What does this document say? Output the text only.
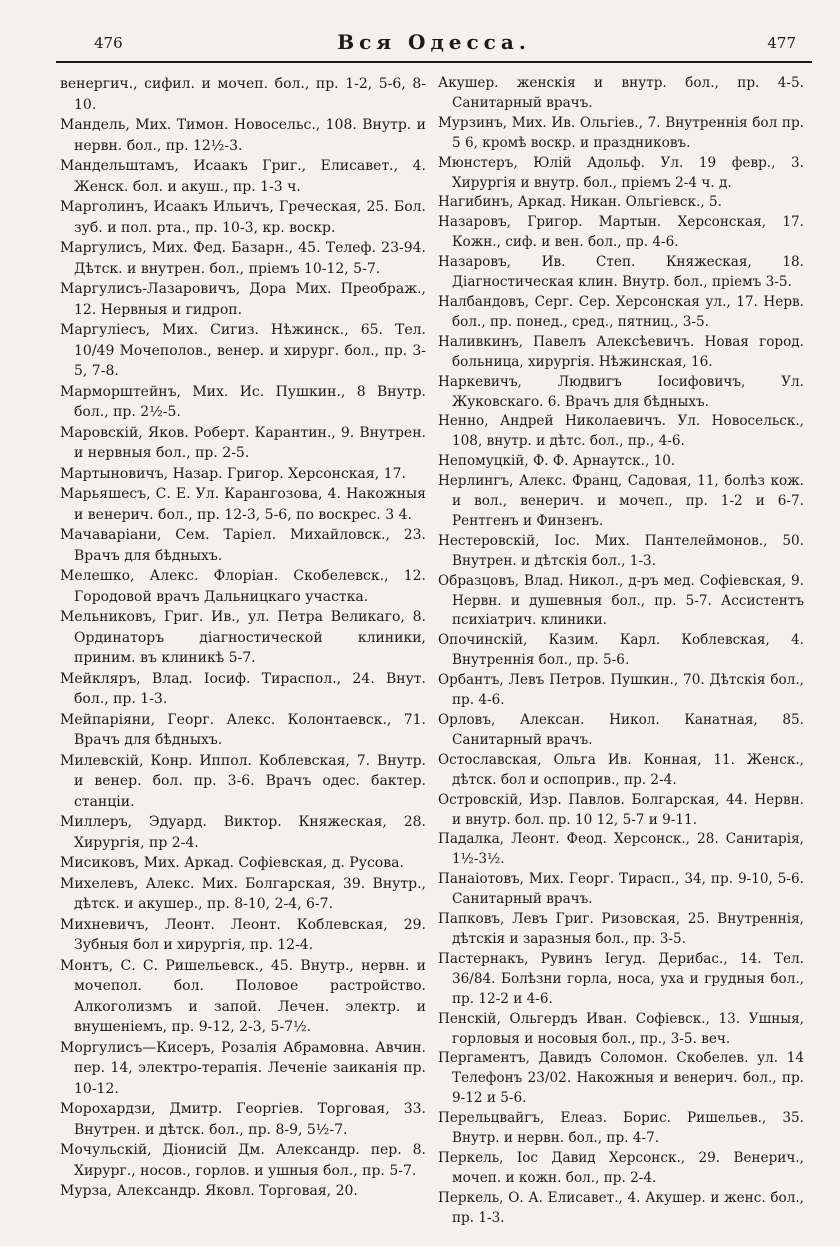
476	Вся Одесса.	477

венергич., сифил. и мочеп. бол., пр. 1-2, 5-6, 8-10.

Мандель, Мих. Тимон. Новосельс., 108. Внутр. и нервн. бол., пр. 12½-3.

Мандельштамъ, Исаакъ Григ., Елисавет., 4. Женск. бол. и акуш., пр. 1-3 ч.

Марголинъ, Исаакъ Ильичъ, Греческая, 25. Бол. зуб. и пол. рта., пр. 10-3, кр. воскр.

Маргулисъ, Мих. Фед. Базарн., 45. Телеф. 23-94. Дѣтск. и внутрен. бол., пріемъ 10-12, 5-7.

Маргулисъ-Лазаровичъ, Дора Мих. Преображ., 12. Нервныя и гидроп.

Маргуліесъ, Мих. Сигиз. Нѣжинск., 65. Тел. 10/49 Мочеполов., венер. и хирург. бол., пр. 3-5, 7-8.

Марморштейнъ, Мих. Ис. Пушкин., 8 Внутр. бол., пр. 2½-5.

Маровскій, Яков. Роберт. Карантин., 9. Внутрен. и нервныя бол., пр. 2-5.

Мартыновичъ, Назар. Григор. Херсонская, 17.

Марьяшесъ, С. Е. Ул. Карангозова, 4. Накожныя и венерич. бол., пр. 12-3, 5-6, по воскрес. 3 4.

Мачаваріани, Сем. Таріел. Михайловск., 23. Врачъ для бѣдныхъ.

Мелешко, Алекс. Флоріан. Скобелевск., 12. Городовой врачъ Дальницкаго участка.

Мельниковъ, Григ. Ив., ул. Петра Великаго, 8. Ординаторъ діагностической клиники, приним. въ клиникѣ 5-7.

Мейкляръ, Влад. Іосиф. Тираспол., 24. Внут. бол., пр. 1-3.

Мейпаріяни, Георг. Алекс. Колонтаевск., 71. Врачъ для бѣдныхъ.

Милевскій, Конр. Иппол. Коблевская, 7. Внутр. и венер. бол. пр. 3-6. Врачъ одес. бактер. станціи.

Миллеръ, Эдуард. Виктор. Княжеская, 28. Хирургія, пр 2-4.

Мисиковъ, Мих. Аркад. Софіевская, д. Русова.

Михелевъ, Алекс. Мих. Болгарская, 39. Внутр., дѣтск. и акушер., пр. 8-10, 2-4, 6-7.

Михневичъ, Леонт. Леонт. Коблевская, 29. Зубныя бол и хирургія, пр. 12-4.

Монтъ, С. С. Ришельевск., 45. Внутр., нервн. и мочепол. бол. Половое растройство. Алкоголизмъ и запой. Лечен. электр. и внушеніемъ, пр. 9-12, 2-3, 5-7½.

Моргулисъ—Кисеръ, Розалія Абрамовна. Авчин. пер. 14, электро-терапія. Леченіе заиканія пр. 10-12.

Морохардзи, Дмитр. Георгіев. Торговая, 33. Внутрен. и дѣтск. бол., пр. 8-9, 5½-7.

Мочульскій, Діонисій Дм. Александр. пер. 8. Хирург., носов., горлов. и ушныя бол., пр. 5-7.

Мурза, Александр. Яковл. Торговая, 20.

Акушер. женскія и внутр. бол., пр. 4-5. Санитарный врачъ.

Мурзинъ, Мих. Ив. Ольгіев., 7. Внутреннія бол пр. 5 6, кромѣ воскр. и праздниковъ.

Мюнстеръ, Юлій Адольф. Ул. 19 февр., 3. Хирургія и внутр. бол., пріемъ 2-4 ч. д.

Нагибинъ, Аркад. Никан. Ольгіевск., 5.

Назаровъ, Григор. Мартын. Херсонская, 17. Кожн., сиф. и вен. бол., пр. 4-6.

Назаровъ, Ив. Степ. Княжеская, 18. Діагностическая клин. Внутр. бол., пріемъ 3-5.

Налбандовъ, Серг. Сер. Херсонская ул., 17. Нерв. бол., пр. понед., сред., пятниц., 3-5.

Наливкинъ, Павелъ Алексѣевичъ. Новая город. больница, хирургія. Нѣжинская, 16.

Наркевичъ, Людвигъ Іосифовичъ, Ул. Жуковскаго. 6. Врачъ для бѣдныхъ.

Ненно, Андрей Николаевичъ. Ул. Новосельск., 108, внутр. и дѣтс. бол., пр., 4-6.

Непомуцкій, Ф. Ф. Арнаутск., 10.

Нерлингъ, Алекс. Франц, Садовая, 11, болѣз кож. и вол., венерич. и мочеп., пр. 1-2 и 6-7. Рентгенъ и Финзенъ.

Нестеровскій, Іос. Мих. Пантелеймонов., 50. Внутрен. и дѣтскія бол., 1-3.

Образцовъ, Влад. Никол., д-ръ мед. Софіевская, 9. Нервн. и душевныя бол., пр. 5-7. Ассистентъ психіатрич. клиники.

Опочинскій, Казим. Карл. Коблевская, 4. Внутреннія бол., пр. 5-6.

Орбантъ, Левъ Петров. Пушкин., 70. Дѣтскія бол., пр. 4-6.

Орловъ, Алексан. Никол. Канатная, 85. Санитарный врачъ.

Остославская, Ольга Ив. Конная, 11. Женск., дѣтск. бол и оспоприв., пр. 2-4.

Островскій, Изр. Павлов. Болгарская, 44. Нервн. и внутр. бол. пр. 10 12, 5-7 и 9-11.

Падалка, Леонт. Феод. Херсонск., 28. Санитарія, 1½-3½.

Панаіотовъ, Мих. Георг. Тирасп., 34, пр. 9-10, 5-6. Санитарный врачъ.

Папковъ, Левъ Григ. Ризовская, 25. Внутреннія, дѣтскія и заразныя бол., пр. 3-5.

Пастернакъ, Рувинъ Іегуд. Дерибас., 14. Тел. 36/84. Болѣзни горла, носа, уха и грудныя бол., пр. 12-2 и 4-6.

Пенскій, Ольгердъ Иван. Софіевск., 13. Ушныя, горловыя и носовыя бол., пр., 3-5. веч.

Пергаментъ, Давидъ Соломон. Скобелев. ул. 14 Телефонъ 23/02. Накожныя и венерич. бол., пр. 9-12 и 5-6.

Перельцвайгъ, Елеаз. Борис. Ришельев., 35. Внутр. и нервн. бол., пр. 4-7.

Перкель, Іос Давид Херсонск., 29. Венерич., мочеп. и кожн. бол., пр. 2-4.

Перкель, О. А. Елисавет., 4. Акушер. и женс. бол., пр. 1-3.
